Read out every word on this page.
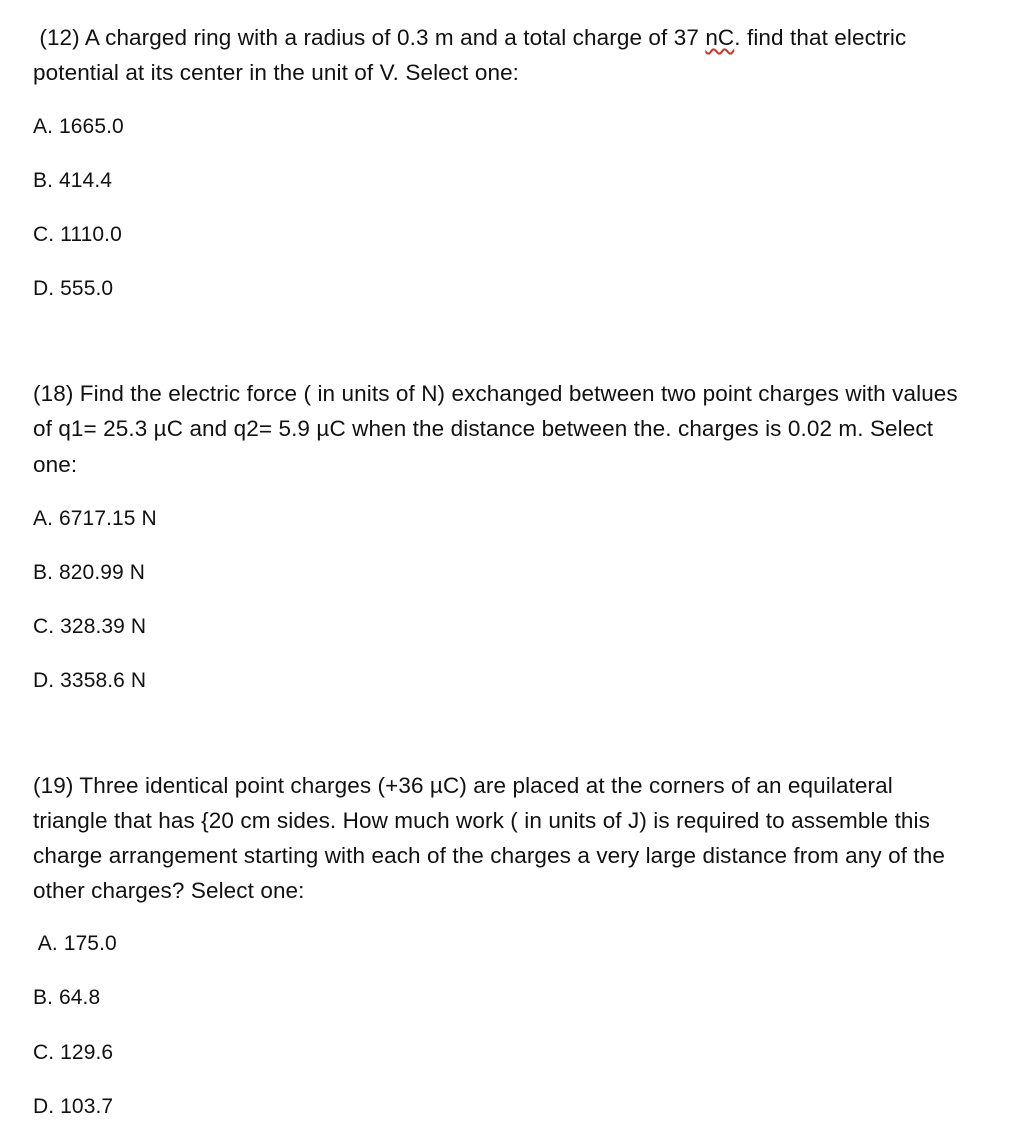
(12) A charged ring with a radius of 0.3 m and a total charge of 37 nC. find that electric
potential at its center in the unit of V. Select one:
A. 1665.0
B. 414.4
C. 1110.0
D. 555.0
(18) Find the electric force ( in units of N) exchanged between two point charges with values
of q1= 25.3 µC and q2= 5.9 µC when the distance between the. charges is 0.02 m. Select
one:
A. 6717.15 N
B. 820.99 N
C. 328.39 N
D. 3358.6 N
(19) Three identical point charges (+36 µC) are placed at the corners of an equilateral
triangle that has {20 cm sides. How much work ( in units of J) is required to assemble this
charge arrangement starting with each of the charges a very large distance from any of the
other charges? Select one:
A. 175.0
B. 64.8
C. 129.6
D. 103.7
